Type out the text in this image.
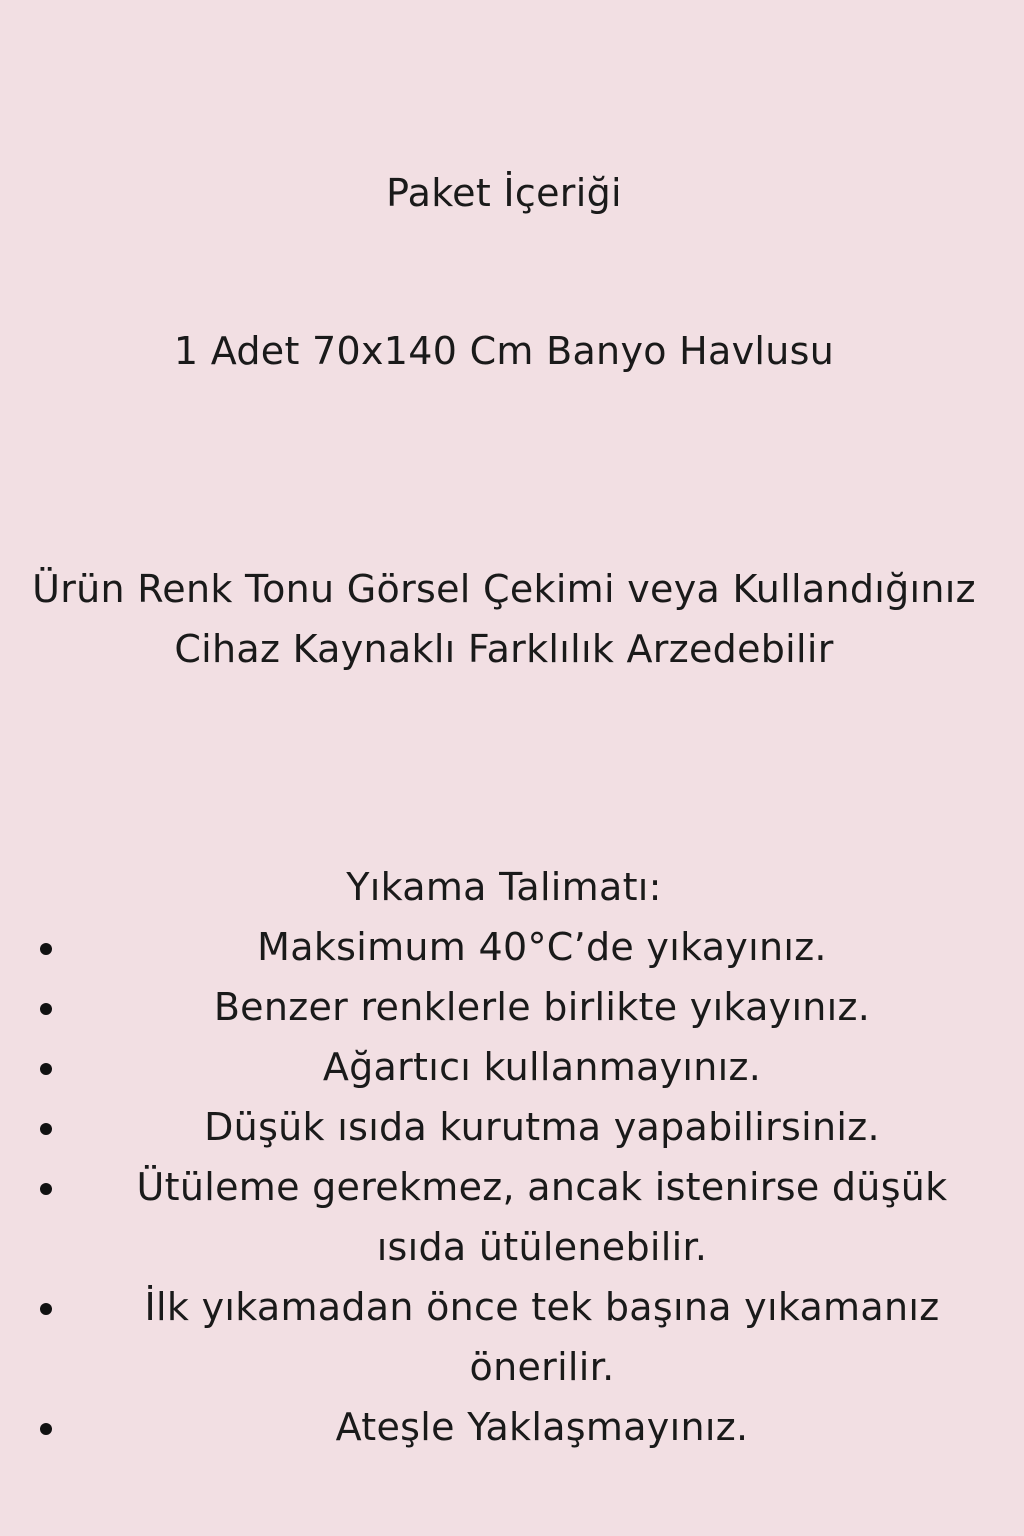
Paket İçeriği
1 Adet 70x140 Cm Banyo Havlusu
Ürün Renk Tonu Görsel Çekimi veya Kullandığınız
Cihaz Kaynaklı Farklılık Arzedebilir
Yıkama Talimatı:
Maksimum 40°C’de yıkayınız.
Benzer renklerle birlikte yıkayınız.
Ağartıcı kullanmayınız.
Düşük ısıda kurutma yapabilirsiniz.
Ütüleme gerekmez, ancak istenirse düşük ısıda ütülenebilir.
İlk yıkamadan önce tek başına yıkamanız önerilir.
Ateşle Yaklaşmayınız.
